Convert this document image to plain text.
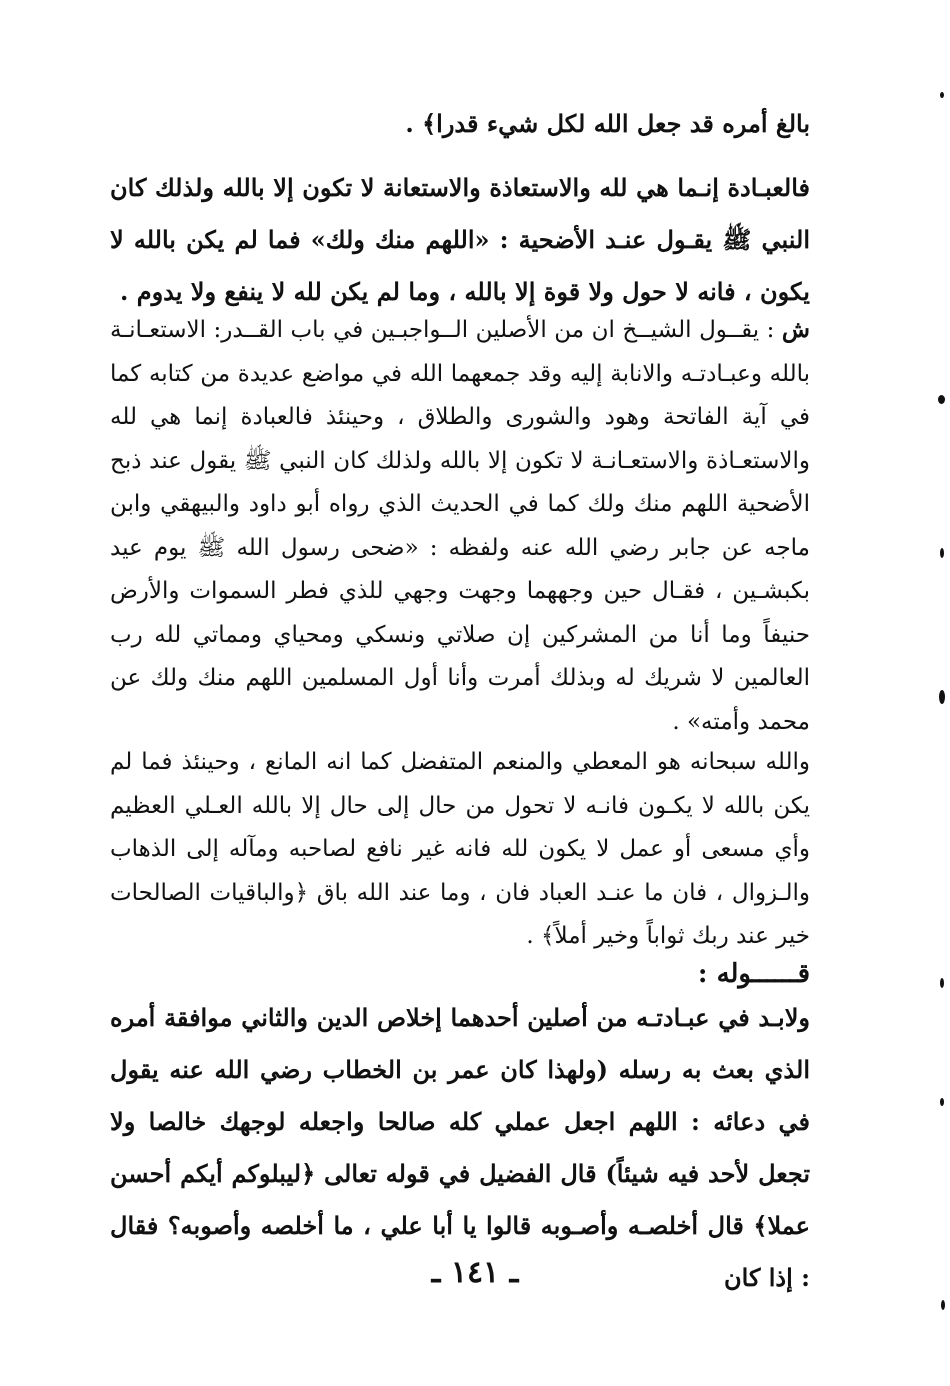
بالغ أمره قد جعل الله لكل شيء قدرا﴾ .
فالعبـادة إنـما هي لله والاستعاذة والاستعانة لا تكون إلا بالله ولذلك كان النبي ﷺ يقـول عنـد الأضحية : «اللهم منك ولك» فما لم يكن بالله لا يكون ، فانه لا حول ولا قوة إلا بالله ، وما لم يكن لله لا ينفع ولا يدوم .
ش : يقــول الشيــخ ان من الأصلين الــواجبـين في باب القــدر: الاستعـانـة بالله وعبـادتـه والانابة إليه وقد جمعهما الله في مواضع عديدة من كتابه كما في آية الفاتحة وهود والشورى والطلاق ، وحينئذ فالعبادة إنما هي لله والاستعـاذة والاستعـانـة لا تكون إلا بالله ولذلك كان النبي ﷺ يقول عند ذبح الأضحية اللهم منك ولك كما في الحديث الذي رواه أبو داود والبيهقي وابن ماجه عن جابر رضي الله عنه ولفظه : «ضحى رسول الله ﷺ يوم عيد بكبشـين ، فقـال حين وجههما وجهت وجهي للذي فطر السموات والأرض حنيفاً وما أنا من المشركين إن صلاتي ونسكي ومحياي ومماتي لله رب العالمين لا شريك له وبذلك أمرت وأنا أول المسلمين اللهم منك ولك عن محمد وأمته» .
والله سبحانه هو المعطي والمنعم المتفضل كما انه المانع ، وحينئذ فما لم يكن بالله لا يكـون فانـه لا تحول من حال إلى حال إلا بالله العـلي العظيم وأي مسعى أو عمل لا يكون لله فانه غير نافع لصاحبه ومآله إلى الذهاب والـزوال ، فان ما عنـد العباد فان ، وما عند الله باق ﴿والباقيات الصالحات خير عند ربك ثواباً وخير أملاً﴾ .
قــــــوله :
ولابـد في عبـادتـه من أصلين أحدهما إخلاص الدين والثاني موافقة أمره الذي بعث به رسله (ولهذا كان عمر بن الخطاب رضي الله عنه يقول في دعائه : اللهم اجعل عملي كله صالحا واجعله لوجهك خالصا ولا تجعل لأحد فيه شيئاً) قال الفضيل في قوله تعالى ﴿ليبلوكم أيكم أحسن عملا﴾ قال أخلصـه وأصـوبه قالوا يا أبا علي ، ما أخلصه وأصوبه؟ فقال : إذا كان
ـ ١٤١ ـ
